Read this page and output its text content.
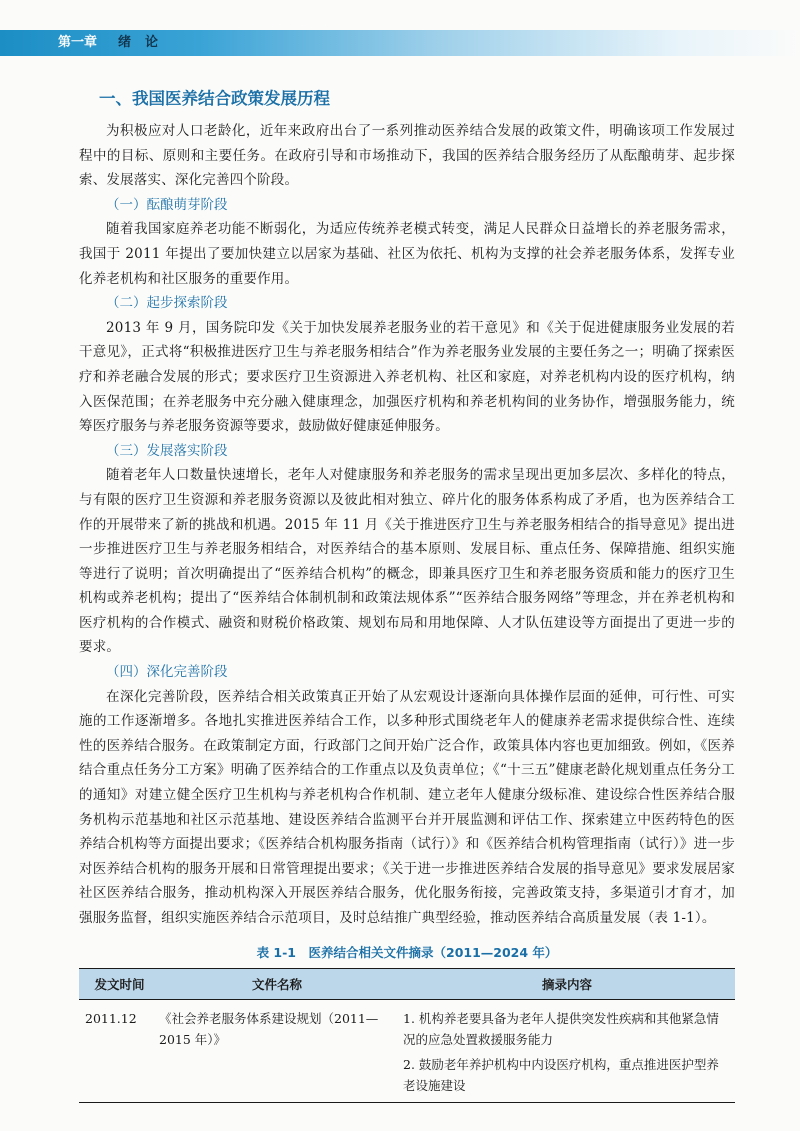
第一章 绪论
一、我国医养结合政策发展历程

为积极应对人口老龄化，近年来政府出台了一系列推动医养结合发展的政策文件，明确该项工作发展过程中的目标、原则和主要任务。在政府引导和市场推动下，我国的医养结合服务经历了从酝酿萌芽、起步探索、发展落实、深化完善四个阶段。

（一）酝酿萌芽阶段

随着我国家庭养老功能不断弱化，为适应传统养老模式转变，满足人民群众日益增长的养老服务需求，我国于 2011 年提出了要加快建立以居家为基础、社区为依托、机构为支撑的社会养老服务体系，发挥专业化养老机构和社区服务的重要作用。

（二）起步探索阶段

2013 年 9 月，国务院印发《关于加快发展养老服务业的若干意见》和《关于促进健康服务业发展的若干意见》，正式将“积极推进医疗卫生与养老服务相结合”作为养老服务业发展的主要任务之一；明确了探索医疗和养老融合发展的形式；要求医疗卫生资源进入养老机构、社区和家庭，对养老机构内设的医疗机构，纳入医保范围；在养老服务中充分融入健康理念，加强医疗机构和养老机构间的业务协作，增强服务能力，统筹医疗服务与养老服务资源等要求，鼓励做好健康延伸服务。

（三）发展落实阶段

随着老年人口数量快速增长，老年人对健康服务和养老服务的需求呈现出更加多层次、多样化的特点，与有限的医疗卫生资源和养老服务资源以及彼此相对独立、碎片化的服务体系构成了矛盾，也为医养结合工作的开展带来了新的挑战和机遇。2015 年 11 月《关于推进医疗卫生与养老服务相结合的指导意见》提出进一步推进医疗卫生与养老服务相结合，对医养结合的基本原则、发展目标、重点任务、保障措施、组织实施等进行了说明；首次明确提出了“医养结合机构”的概念，即兼具医疗卫生和养老服务资质和能力的医疗卫生机构或养老机构；提出了“医养结合体制机制和政策法规体系”“医养结合服务网络”等理念，并在养老机构和医疗机构的合作模式、融资和财税价格政策、规划布局和用地保障、人才队伍建设等方面提出了更进一步的要求。

（四）深化完善阶段

在深化完善阶段，医养结合相关政策真正开始了从宏观设计逐渐向具体操作层面的延伸，可行性、可实施的工作逐渐增多。各地扎实推进医养结合工作，以多种形式围绕老年人的健康养老需求提供综合性、连续性的医养结合服务。在政策制定方面，行政部门之间开始广泛合作，政策具体内容也更加细致。例如，《医养结合重点任务分工方案》明确了医养结合的工作重点以及负责单位；《“十三五”健康老龄化规划重点任务分工的通知》对建立健全医疗卫生机构与养老机构合作机制、建立老年人健康分级标准、建设综合性医养结合服务机构示范基地和社区示范基地、建设医养结合监测平台并开展监测和评估工作、探索建立中医药特色的医养结合机构等方面提出要求；《医养结合机构服务指南（试行）》和《医养结合机构管理指南（试行）》进一步对医养结合机构的服务开展和日常管理提出要求；《关于进一步推进医养结合发展的指导意见》要求发展居家社区医养结合服务，推动机构深入开展医养结合服务，优化服务衔接，完善政策支持，多渠道引才育才，加强服务监督，组织实施医养结合示范项目，及时总结推广典型经验，推动医养结合高质量发展（表 1-1）。

表 1-1　医养结合相关文件摘录（2011—2024 年）
发文时间	文件名称	摘录内容
2011.12	《社会养老服务体系建设规划（2011—2015 年）》	1. 机构养老要具备为老年人提供突发性疾病和其他紧急情况的应急处置救援服务能力
2. 鼓励老年养护机构中内设医疗机构，重点推进医护型养老设施建设
